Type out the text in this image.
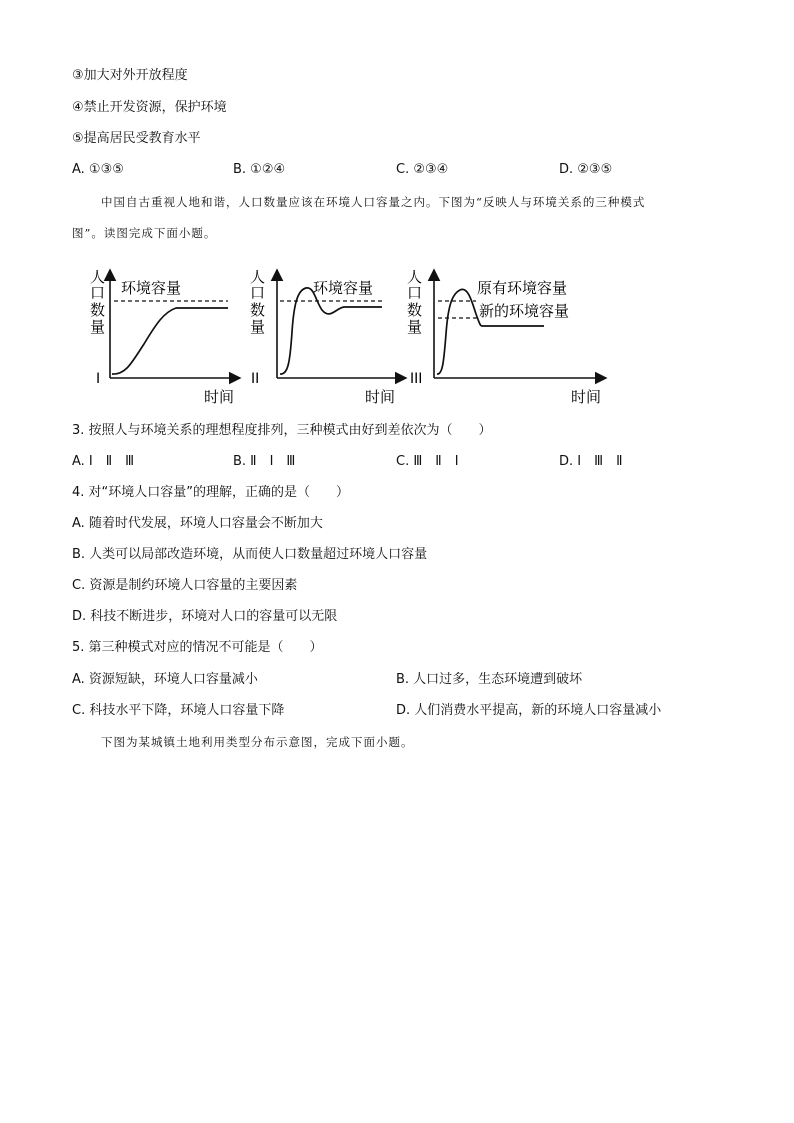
③加大对外开放程度
④禁止开发资源，保护环境
⑤提高居民受教育水平
A. ①③⑤	B. ①②④	C. ②③④	D. ②③⑤
中国自古重视人地和谐，人口数量应该在环境人口容量之内。下图为“反映人与环境关系的三种模式
图”。读图完成下面小题。
人
口
数
量
I
时间
环境容量
人
口
数
量
II
时间
环境容量
人
口
数
量
III
时间
原有环境容量
新的环境容量
3. 按照人与环境关系的理想程度排列，三种模式由好到差依次为（　　）
A. Ⅰ　Ⅱ　Ⅲ	B. Ⅱ　Ⅰ　Ⅲ	C. Ⅲ　Ⅱ　Ⅰ	D. Ⅰ　Ⅲ　Ⅱ
4. 对“环境人口容量”的理解，正确的是（　　）
A. 随着时代发展，环境人口容量会不断加大
B. 人类可以局部改造环境，从而使人口数量超过环境人口容量
C. 资源是制约环境人口容量的主要因素
D. 科技不断进步，环境对人口的容量可以无限
5. 第三种模式对应的情况不可能是（　　）
A. 资源短缺，环境人口容量减小	B. 人口过多，生态环境遭到破坏
C. 科技水平下降，环境人口容量下降	D. 人们消费水平提高，新的环境人口容量减小
下图为某城镇土地利用类型分布示意图，完成下面小题。
